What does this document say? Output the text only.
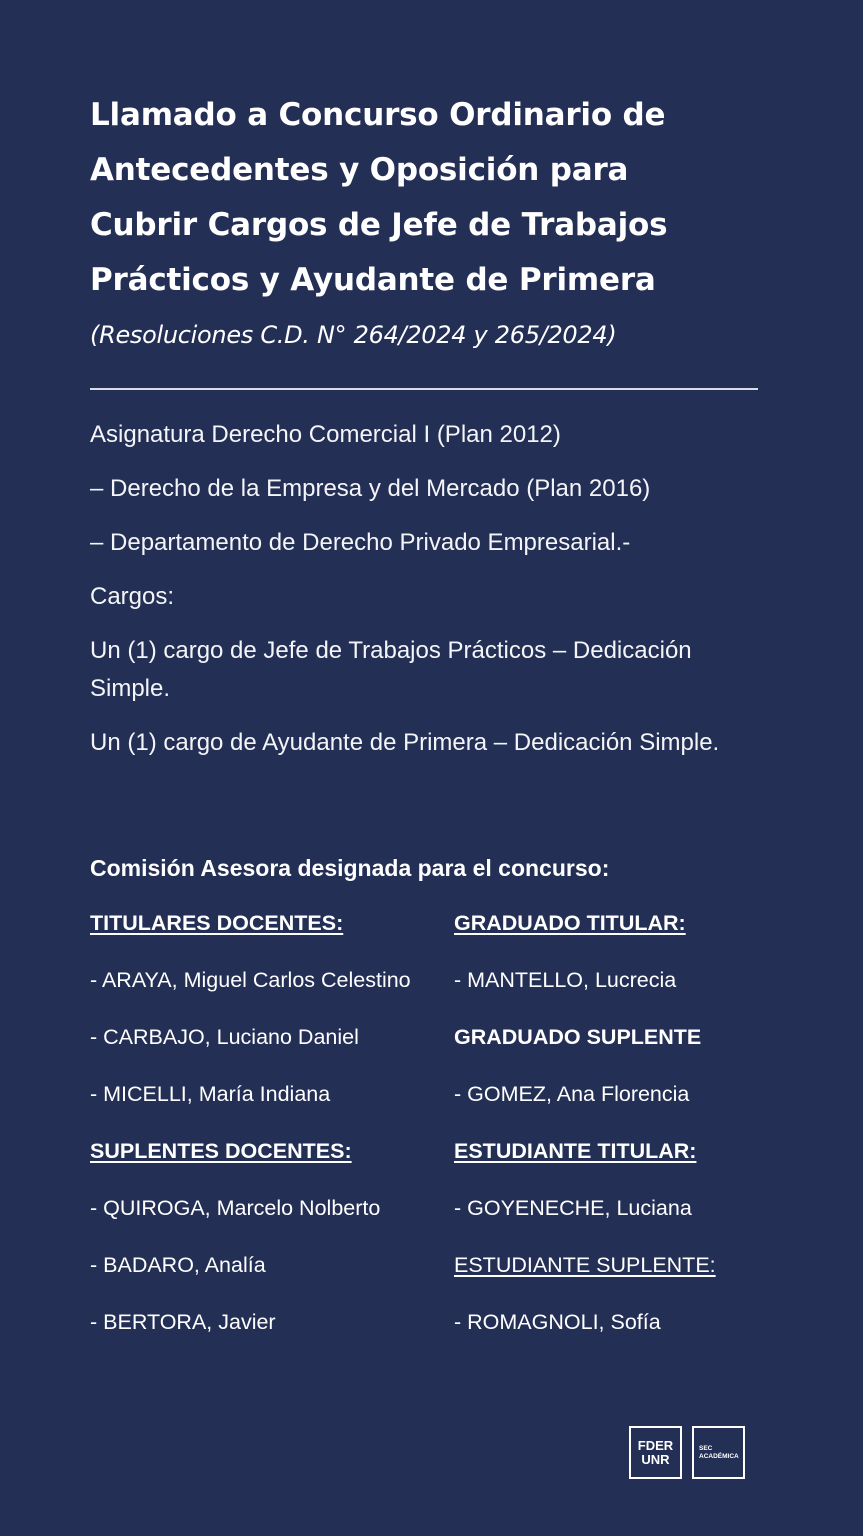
Llamado a Concurso Ordinario de
Antecedentes y Oposición para
Cubrir Cargos de Jefe de Trabajos
Prácticos y Ayudante de Primera
(Resoluciones C.D. N° 264/2024 y 265/2024)

Asignatura Derecho Comercial I (Plan 2012)

– Derecho de la Empresa y del Mercado (Plan 2016)

– Departamento de Derecho Privado Empresarial.-

Cargos:

Un (1) cargo de Jefe de Trabajos Prácticos – Dedicación Simple.

Un (1) cargo de Ayudante de Primera – Dedicación Simple.

Comisión Asesora designada para el concurso:
TITULARES DOCENTES:
- ARAYA, Miguel Carlos Celestino
- CARBAJO, Luciano Daniel
- MICELLI, María Indiana
SUPLENTES DOCENTES:
- QUIROGA, Marcelo Nolberto
- BADARO, Analía
- BERTORA, Javier
GRADUADO TITULAR:
- MANTELLO, Lucrecia
GRADUADO SUPLENTE
- GOMEZ, Ana Florencia
ESTUDIANTE TITULAR:
- GOYENECHE, Luciana
ESTUDIANTE SUPLENTE:
- ROMAGNOLI, Sofía
FDER
UNR
SEC
ACADÉMICA
